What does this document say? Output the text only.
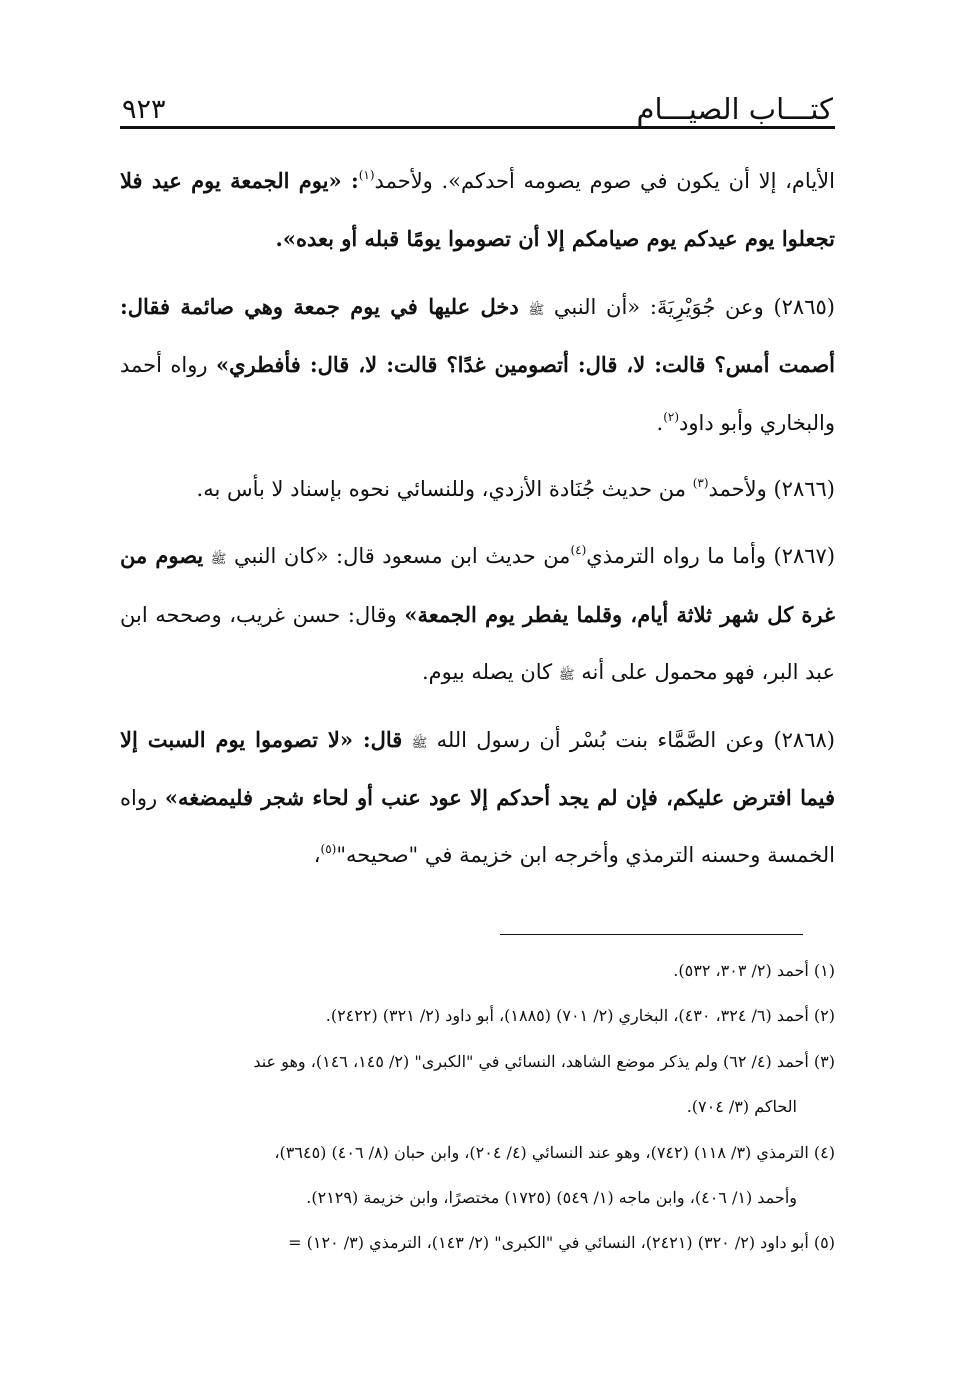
٩٢٣	كتـــاب الصيـــام

الأيام، إلا أن يكون في صوم يصومه أحدكم». ولأحمد$^{(١)}$: «يوم الجمعة يوم عيد فلا تجعلوا يوم عيدكم يوم صيامكم إلا أن تصوموا يومًا قبله أو بعده».

(٢٨٦٥) وعن جُوَيْرِيَةَ: «أن النبي ﷺ دخل عليها في يوم جمعة وهي صائمة فقال: أصمت أمس؟ قالت: لا، قال: أتصومين غدًا؟ قالت: لا، قال: فأفطري» رواه أحمد والبخاري وأبو داود$^{(٢)}$.

(٢٨٦٦) ولأحمد$^{(٣)}$ من حديث جُنَادة الأزدي، وللنسائي نحوه بإسناد لا بأس به.

(٢٨٦٧) وأما ما رواه الترمذي$^{(٤)}$من حديث ابن مسعود قال: «كان النبي ﷺ يصوم من غرة كل شهر ثلاثة أيام، وقلما يفطر يوم الجمعة» وقال: حسن غريب، وصححه ابن عبد البر، فهو محمول على أنه ﷺ كان يصله بيوم.

(٢٨٦٨) وعن الصَّمَّاء بنت بُسْر أن رسول الله ﷺ قال: «لا تصوموا يوم السبت إلا فيما افترض عليكم، فإن لم يجد أحدكم إلا عود عنب أو لحاء شجر فليمضغه» رواه الخمسة وحسنه الترمذي وأخرجه ابن خزيمة في "صحيحه"$^{(٥)}$،

(١) أحمد (٢/ ٣٠٣، ٥٣٢).

(٢) أحمد (٦/ ٣٢٤، ٤٣٠)، البخاري (٢/ ٧٠١) (١٨٨٥)، أبو داود (٢/ ٣٢١) (٢٤٢٢).

(٣) أحمد (٤/ ٦٢) ولم يذكر موضع الشاهد، النسائي في "الكبرى" (٢/ ١٤٥، ١٤٦)، وهو عند

الحاكم (٣/ ٧٠٤).

(٤) الترمذي (٣/ ١١٨) (٧٤٢)، وهو عند النسائي (٤/ ٢٠٤)، وابن حبان (٨/ ٤٠٦) (٣٦٤٥)،

وأحمد (١/ ٤٠٦)، وابن ماجه (١/ ٥٤٩) (١٧٢٥) مختصرًا، وابن خزيمة (٢١٢٩).

(٥) أبو داود (٢/ ٣٢٠) (٢٤٢١)، النسائي في "الكبرى" (٢/ ١٤٣)، الترمذي (٣/ ١٢٠) =
